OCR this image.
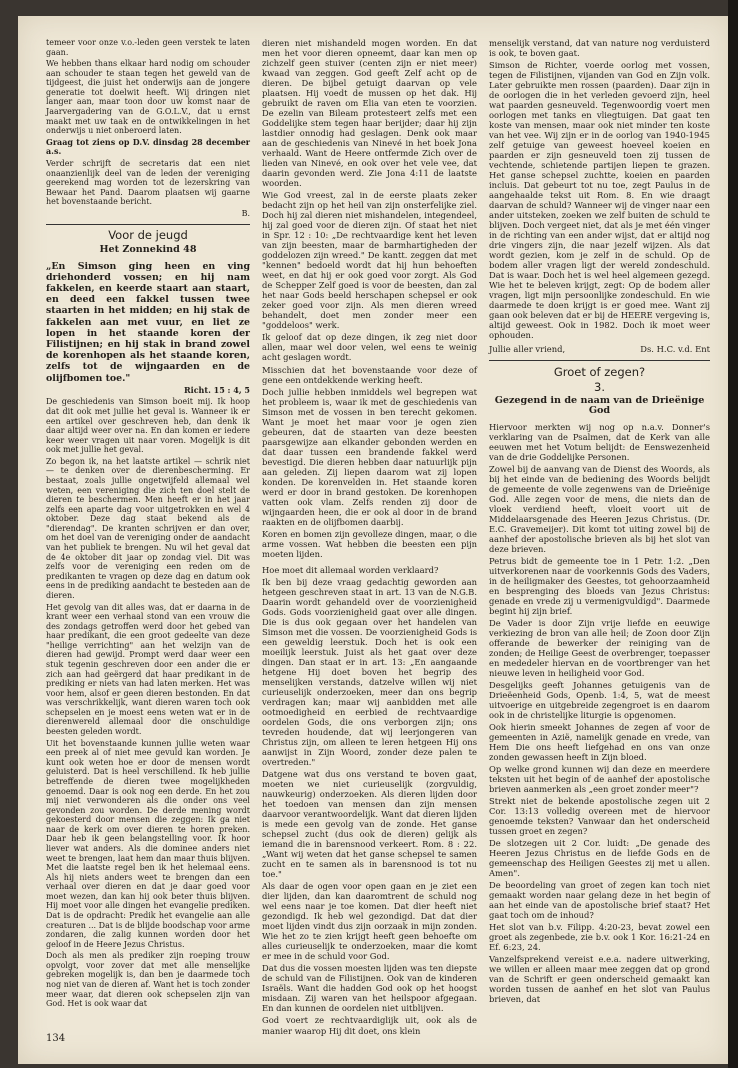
temeer voor onze v.o.-leden geen verstek te laten gaan.

We hebben thans elkaar hard nodig om schouder aan schouder te staan tegen het geweld van de tijdgeest, die juist het onderwijs aan de jongere generatie tot doelwit heeft. Wij dringen niet langer aan, maar toon door uw komst naar de Jaarvergadering van de G.O.L.V., dat u ernst maakt met uw taak en de ontwikkelingen in het onderwijs u niet onberoerd laten.

Graag tot ziens op D.V. dinsdag 28 december a.s.

Verder schrijft de secretaris dat een niet onaanzienlijk deel van de leden der vereniging geerekend mag worden tot de lezerskring van Bewaar het Pand. Daarom plaatsen wij gaarne het bovenstaande bericht.

B.

Voor de jeugd
Het Zonnekind 48

„En Simson ging heen en ving driehonderd vossen; en hij nam fakkelen, en keerde staart aan staart, en deed een fakkel tussen twee staarten in het midden; en hij stak de fakkelen aan met vuur, en liet ze lopen in het staande koren der Filistijnen; en hij stak in brand zowel de korenhopen als het staande koren, zelfs tot de wijngaarden en de olijfbomen toe."

Richt. 15 : 4, 5

De geschiedenis van Simson boeit mij. Ik hoop dat dit ook met jullie het geval is. Wanneer ik er een artikel over geschreven heb, dan denk ik daar altijd weer over na. En dan komen er iedere keer weer vragen uit naar voren. Mogelijk is dit ook met jullie het geval.

Zo begon ik, na het laatste artikel — schrik niet — te denken over de dierenbescherming. Er bestaat, zoals jullie ongetwijfeld allemaal wel weten, een vereniging die zich ten doel stelt de dieren te beschermen. Men heeft er in het jaar zelfs een aparte dag voor uitgetrokken en wel 4 oktober. Deze dag staat bekend als de "dierendag". De kranten schrijven er dan over, om het doel van de vereniging onder de aandacht van het publiek te brengen. Nu wil het geval dat de 4e oktober dit jaar op zondag viel. Dit was zelfs voor de vereniging een reden om de predikanten te vragen op deze dag en datum ook eens in de prediking aandacht te besteden aan de dieren.

Het gevolg van dit alles was, dat er daarna in de krant weer een verhaal stond van een vrouw die des zondags getroffen werd door het gebed van haar predikant, die een groot gedeelte van deze "heilige verrichting" aan het welzijn van de dieren had gewijd. Prompt werd daar weer een stuk tegenin geschreven door een ander die er zich aan had geërgerd dat haar predikant in de prediking er niets van had laten merken. Het was voor hem, alsof er geen dieren bestonden. En dat was verschrikkelijk, want dieren waren toch ook schepselen en je moest eens weten wat er in de dierenwereld allemaal door die onschuldige beesten geleden wordt.

Uit het bovenstaande kunnen jullie weten waar een preek al of niet mee gevuld kan worden. Je kunt ook weten hoe er door de mensen wordt geluisterd. Dat is heel verschillend. Ik heb jullie betreffende de dieren twee mogelijkheden genoemd. Daar is ook nog een derde. En het zou mij niet verwonderen als die onder ons veel gevonden zou worden. De derde mening wordt gekoesterd door mensen die zeggen: Ik ga niet naar de kerk om over dieren te horen preken. Daar heb ik geen belangstelling voor. Ik hoor liever wat anders. Als die dominee anders niet weet te brengen, laat hem dan maar thuis blijven. Met die laatste regel ben ik het helemaal eens. Als hij niets anders weet te brengen dan een verhaal over dieren en dat je daar goed voor moet wezen, dan kan hij ook beter thuis blijven. Hij moet voor alle dingen het evangelie prediken. Dat is de opdracht: Predik het evangelie aan alle creaturen ... Dat is de blijde boodschap voor arme zondaren, die zalig kunnen worden door het geloof in de Heere Jezus Christus.

Doch als men als prediker zijn roeping trouw opvolgt, voor zover dat met alle menselijke gebreken mogelijk is, dan ben je daarmede toch nog niet van de dieren af. Want het is toch zonder meer waar, dat dieren ook schepselen zijn van God. Het is ook waar dat

dieren niet mishandeld mogen worden. En dat men het voor dieren opneemt, daar kan men op zichzelf geen stuiver (centen zijn er niet meer) kwaad van zeggen. God geeft Zelf acht op de dieren. De bijbel getuigt daarvan op vele plaatsen. Hij voedt de mussen op het dak. Hij gebruikt de raven om Elia van eten te voorzien. De ezelin van Bileam protesteert zelfs met een Goddelijke stem tegen haar berijder; daar hij zijn lastdier onnodig had geslagen. Denk ook maar aan de geschiedenis van Ninevé in het boek Jona verhaald. Want de Heere ontfermde Zich over de lieden van Ninevé, en ook over het vele vee, dat daarin gevonden werd. Zie Jona 4:11 de laatste woorden.

Wie God vreest, zal in de eerste plaats zeker bedacht zijn op het heil van zijn onsterfelijke ziel. Doch hij zal dieren niet mishandelen, integendeel, hij zal goed voor de dieren zijn. Of staat het niet in Spr. 12 : 10: „De rechtvaardige kent het leven van zijn beesten, maar de barmhartigheden der goddelozen zijn wreed." De kantt. zeggen dat met "kennen" bedoeld wordt dat hij hun behoeften weet, en dat hij er ook goed voor zorgt. Als God de Schepper Zelf goed is voor de beesten, dan zal het naar Gods beeld herschapen schepsel er ook zeker goed voor zijn. Als men dieren wreed behandelt, doet men zonder meer een "goddeloos" werk.

Ik geloof dat op deze dingen, ik zeg niet door allen, maar wel door velen, wel eens te weinig acht geslagen wordt.

Misschien dat het bovenstaande voor deze of gene een ontdekkende werking heeft.

Doch jullie hebben inmiddels wel begrepen wat het probleem is, waar ik met de geschiedenis van Simson met de vossen in ben terecht gekomen. Want je moet het maar voor je ogen zien gebeuren, dat de staarten van deze beesten paarsgewijze aan elkander gebonden werden en dat daar tussen een brandende fakkel werd bevestigd. Die dieren hebben daar natuurlijk pijn aan geleden. Zij liepen daarom wat zij lopen konden. De korenvelden in. Het staande koren werd er door in brand gestoken. De korenhopen vatten ook vlam. Zelfs renden zij door de wijngaarden heen, die er ook al door in de brand raakten en de olijfbomen daarbij.

Koren en bomen zijn gevolleze dingen, maar, o die arme vossen. Wat hebben die beesten een pijn moeten lijden.

Hoe moet dit allemaal worden verklaard?

Ik ben bij deze vraag gedachtig geworden aan hetgeen geschreven staat in art. 13 van de N.G.B. Daarin wordt gehandeld over de voorzienigheid Gods. Gods voorzienigheid gaat over alle dingen. Die is dus ook gegaan over het handelen van Simson met die vossen. De voorzienigheid Gods is een geweldig leerstuk. Doch het is ook een moeilijk leerstuk. Juist als het gaat over deze dingen. Dan staat er in art. 13: „En aangaande hetgene Hij doet boven het begrip des menselijken verstands, datzelve willen wij niet curieuselijk onderzoeken, meer dan ons begrip verdragen kan; maar wij aanbidden met alle ootmoedigheid en eerbied de rechtvaardige oordelen Gods, die ons verborgen zijn; ons tevreden houdende, dat wij leerjongeren van Christus zijn, om alleen te leren hetgeen Hij ons aanwijst in Zijn Woord, zonder deze palen te overtreden."

Datgene wat dus ons verstand te boven gaat, moeten we niet curieuselijk (zorgvuldig, nauwkeurig) onderzoeken. Als dieren lijden door het toedoen van mensen dan zijn mensen daarvoor verantwoordelijk. Want dat dieren lijden is mede een gevolg van de zonde. Het ganse schepsel zucht (dus ook de dieren) gelijk als iemand die in barensnood verkeert. Rom. 8 : 22. „Want wij weten dat het ganse schepsel te samen zucht en te samen als in barensnood is tot nu toe."

Als daar de ogen voor open gaan en je ziet een dier lijden, dan kan daaromtrent de schuld nog wel eens naar je toe komen. Dat dier heeft niet gezondigd. Ik heb wel gezondigd. Dat dat dier moet lijden vindt dus zijn oorzaak in mijn zonden. Wie het zo te zien krijgt heeft geen behoefte om alles curieuselijk te onderzoeken, maar die komt er mee in de schuld voor God.

Dat dus die vossen moesten lijden was ten diepste de schuld van de Filistijnen. Ook van de kinderen Israëls. Want die hadden God ook op het hoogst misdaan. Zij waren van het heilspoor afgegaan. En dan kunnen de oordelen niet uitblijven.

God voert ze rechtvaardiglijk uit, ook als de manier waarop Hij dit doet, ons klein

menselijk verstand, dat van nature nog verduisterd is ook, te boven gaat.

Simson de Richter, voerde oorlog met vossen, tegen de Filistijnen, vijanden van God en Zijn volk. Later gebruikte men rossen (paarden). Daar zijn in de oorlogen die in het verleden gevoerd zijn, heel wat paarden gesneuveld. Tegenwoordig voert men oorlogen met tanks en vliegtuigen. Dat gaat ten koste van mensen, maar ook niet minder ten koste van het vee. Wij zijn er in de oorlog van 1940-1945 zelf getuige van geweest hoeveel koeien en paarden er zijn gesneuveld toen zij tussen de vechtende, schietende partijen liepen te grazen. Het ganse schepsel zuchtte, koeien en paarden incluis. Dat gebeurt tot nu toe, zegt Paulus in de aangehaalde tekst uit Rom. 8. En wie draagt daarvan de schuld? Wanneer wij de vinger naar een ander uitsteken, zoeken we zelf buiten de schuld te blijven. Doch vergeet niet, dat als je met één vinger in de richting van een ander wijst, dat er altijd nog drie vingers zijn, die naar jezelf wijzen. Als dat wordt gezien, kom je zelf in de schuld. Op de bodem aller vragen ligt der wereld zondeschuld. Dat is waar. Doch het is wel heel algemeen gezegd. Wie het te beleven krijgt, zegt: Op de bodem aller vragen, ligt mijn persoonlijke zondeschuld. En wie daarmede te doen krijgt is er goed mee. Want zij gaan ook beleven dat er bij de HEERE vergeving is, altijd geweest. Ook in 1982. Doch ik moet weer ophouden.

Jullie aller vriend,	Ds. H.C. v.d. Ent
Groet of zegen?
3.
Gezegend in de naam van de Drieënige God

Hiervoor merkten wij nog op n.a.v. Donner's verklaring van de Psalmen, dat de Kerk van alle eeuwen met het Votum belijdt: de Eenswezenheid van de drie Goddelijke Personen.

Zowel bij de aanvang van de Dienst des Woords, als bij het einde van de bediening des Woords belijdt de gemeente de volle zegenwens van de Drieënige God. Alle zegen voor de mens, die niets dan de vloek verdiend heeft, vloeit voort uit de Middelaarsgenade des Heeren Jezus Christus. (Dr. E.C. Gravemeijer). Dit komt tot uiting zowel bij de aanhef der apostolische brieven als bij het slot van deze brieven.

Petrus bidt de gemeente toe in 1 Petr. 1:2. „Den uitverkorenen naar de voorkennis Gods des Vaders, in de heiligmaker des Geestes, tot gehoorzaamheid en besprenging des bloeds van Jezus Christus: genade en vrede zij u vermenigvuldigd". Daarmede begint hij zijn brief.

De Vader is door Zijn vrije liefde en eeuwige verkiezing de bron van alle heil; de Zoon door Zijn offerande de bewerker der reiniging van de zonden; de Heilige Geest de overbrenger, toepasser en mededeler hiervan en de voortbrenger van het nieuwe leven in heiligheid voor God.

Desgelijks geeft Johannes getuigenis van de Drieëenheid Gods, Openb. 1:4, 5, wat de meest uitvoerige en uitgebreide zegengroet is en daarom ook in de christelijke liturgie is opgenomen.

Ook hierin smeekt Johannes de zegen af voor de gemeenten in Azië, namelijk genade en vrede, van Hem Die ons heeft liefgehad en ons van onze zonden gewassen heeft in Zijn bloed.

Op welke grond kunnen wij dan deze en meerdere teksten uit het begin of de aanhef der apostolische brieven aanmerken als „een groet zonder meer"?

Strekt niet de bekende apostolische zegen uit 2 Cor. 13:13 volledig overeen met de hiervoor genoemde teksten? Vanwaar dan het onderscheid tussen groet en zegen?

De slotzegen uit 2 Cor. luidt: „De genade des Heeren Jezus Christus en de liefde Gods en de gemeenschap des Heiligen Geestes zij met u allen. Amen".

De beoordeling van groet of zegen kan toch niet gemaakt worden naar gelang deze in het begin of aan het einde van de apostolische brief staat? Het gaat toch om de inhoud?

Het slot van b.v. Filipp. 4:20-23, bevat zowel een groet als zegenbede, zie b.v. ook 1 Kor. 16:21-24 en Ef. 6:23, 24.

Vanzelfsprekend vereist e.e.a. nadere uitwerking, we willen er alleen maar mee zeggen dat op grond van de Schrift er geen onderscheid gemaakt kan worden tussen de aanhef en het slot van Paulus brieven, dat

134
